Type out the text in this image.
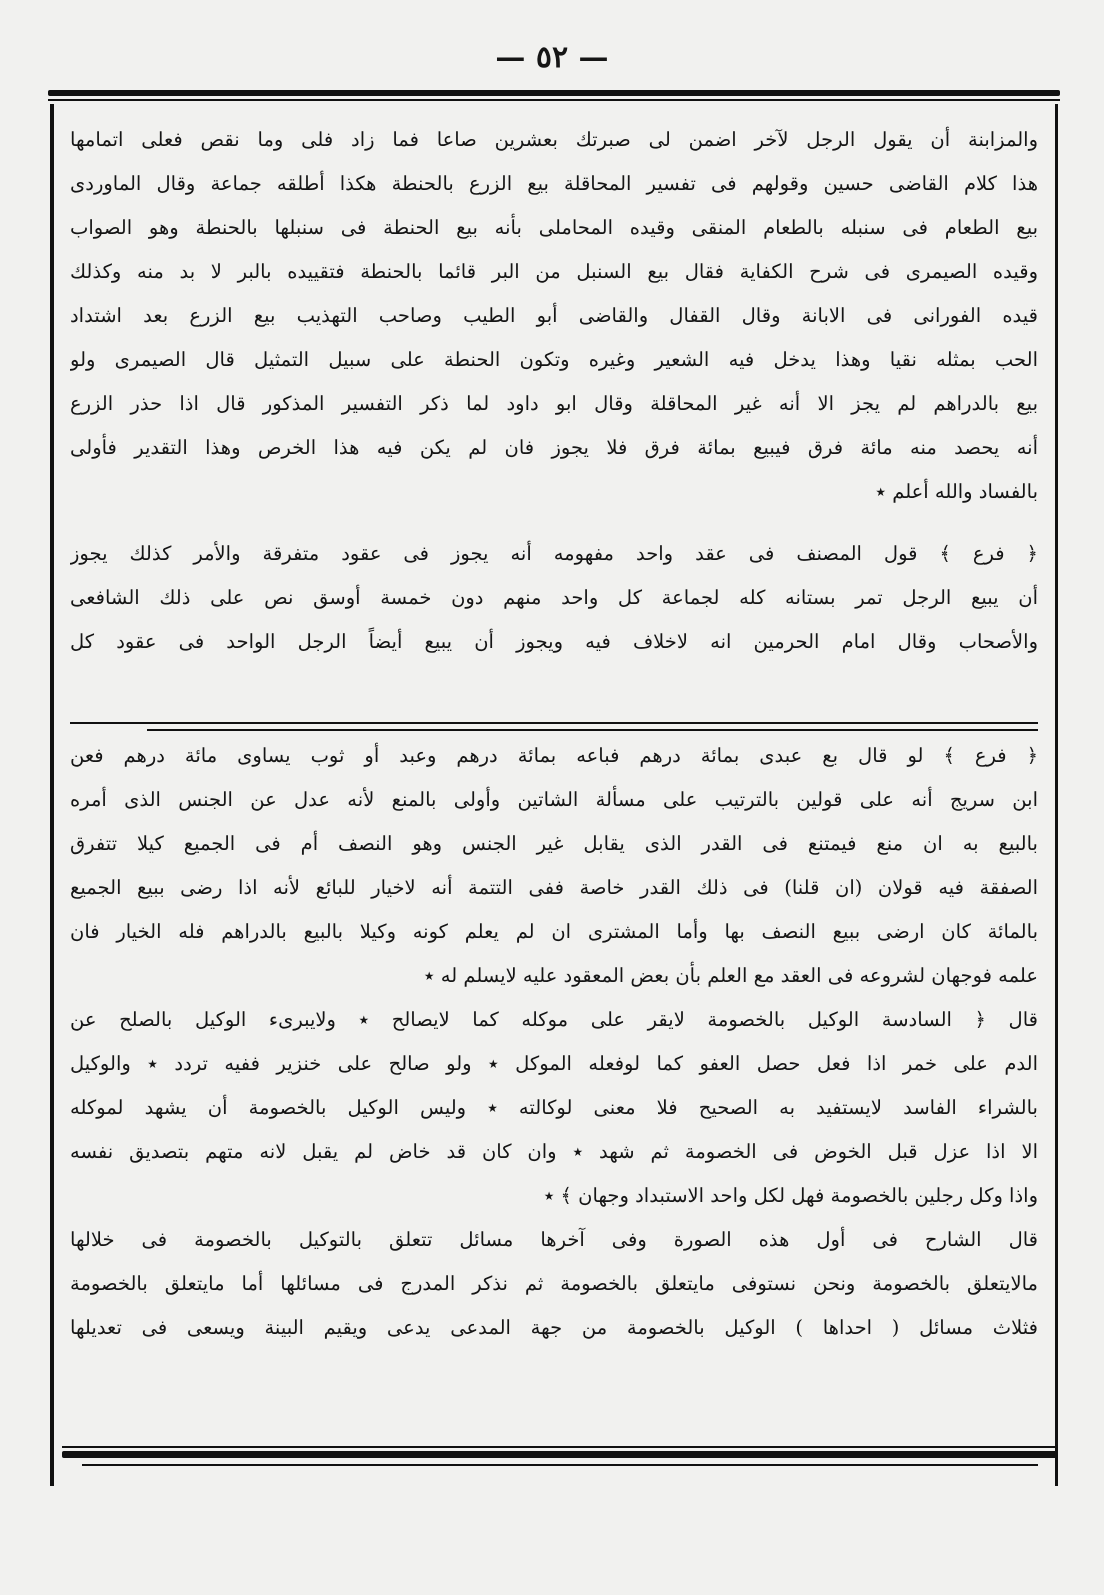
— ٥٢ —
والمزابنة أن يقول الرجل لآخر اضمن لى صبرتك بعشرين صاعا فما زاد فلى وما نقص فعلى اتمامها
هذا كلام القاضى حسين وقولهم فى تفسير المحاقلة بيع الزرع بالحنطة هكذا أطلقه جماعة وقال الماوردى
بيع الطعام فى سنبله بالطعام المنقى وقيده المحاملى بأنه بيع الحنطة فى سنبلها بالحنطة وهو الصواب
وقيده الصيمرى فى شرح الكفاية فقال بيع السنبل من البر قائما بالحنطة فتقييده بالبر لا بد منه وكذلك
قيده الفورانى فى الابانة وقال القفال والقاضى أبو الطيب وصاحب التهذيب بيع الزرع بعد اشتداد
الحب بمثله نقيا وهذا يدخل فيه الشعير وغيره وتكون الحنطة على سبيل التمثيل قال الصيمرى ولو
بيع بالدراهم لم يجز الا أنه غير المحاقلة وقال ابو داود لما ذكر التفسير المذكور قال اذا حذر الزرع
أنه يحصد منه مائة فرق فيبيع بمائة فرق فلا يجوز فان لم يكن فيه هذا الخرص وهذا التقدير فأولى
بالفساد والله أعلم ٭
﴿ فرع ﴾ قول المصنف فى عقد واحد مفهومه أنه يجوز فى عقود متفرقة والأمر كذلك يجوز
أن يبيع الرجل تمر بستانه كله لجماعة كل واحد منهم دون خمسة أوسق نص على ذلك الشافعى
والأصحاب وقال امام الحرمين انه لاخلاف فيه ويجوز أن يبيع أيضاً الرجل الواحد فى عقود كل
﴿ فرع ﴾ لو قال بع عبدى بمائة درهم فباعه بمائة درهم وعبد أو ثوب يساوى مائة درهم فعن
ابن سريج أنه على قولين بالترتيب على مسألة الشاتين وأولى بالمنع لأنه عدل عن الجنس الذى أمره
بالبيع به ان منع فيمتنع فى القدر الذى يقابل غير الجنس وهو النصف أم فى الجميع كيلا تتفرق
الصفقة فيه قولان (ان قلنا) فى ذلك القدر خاصة ففى التتمة أنه لاخيار للبائع لأنه اذا رضى ببيع الجميع
بالمائة كان ارضى ببيع النصف بها وأما المشترى ان لم يعلم كونه وكيلا بالبيع بالدراهم فله الخيار فان
علمه فوجهان لشروعه فى العقد مع العلم بأن بعض المعقود عليه لايسلم له ٭
قال ﴿ السادسة الوكيل بالخصومة لايقر على موكله كما لايصالح ٭ ولايبرىء الوكيل بالصلح عن
الدم على خمر اذا فعل حصل العفو كما لوفعله الموكل ٭ ولو صالح على خنزير ففيه تردد ٭ والوكيل
بالشراء الفاسد لايستفيد به الصحيح فلا معنى لوكالته ٭ وليس الوكيل بالخصومة أن يشهد لموكله
الا اذا عزل قبل الخوض فى الخصومة ثم شهد ٭ وان كان قد خاض لم يقبل لانه متهم بتصديق نفسه
واذا وكل رجلين بالخصومة فهل لكل واحد الاستبداد وجهان ﴾ ٭
قال الشارح فى أول هذه الصورة وفى آخرها مسائل تتعلق بالتوكيل بالخصومة فى خلالها
مالايتعلق بالخصومة ونحن نستوفى مايتعلق بالخصومة ثم نذكر المدرج فى مسائلها أما مايتعلق بالخصومة
فثلاث مسائل ( احداها ) الوكيل بالخصومة من جهة المدعى يدعى ويقيم البينة ويسعى فى تعديلها
